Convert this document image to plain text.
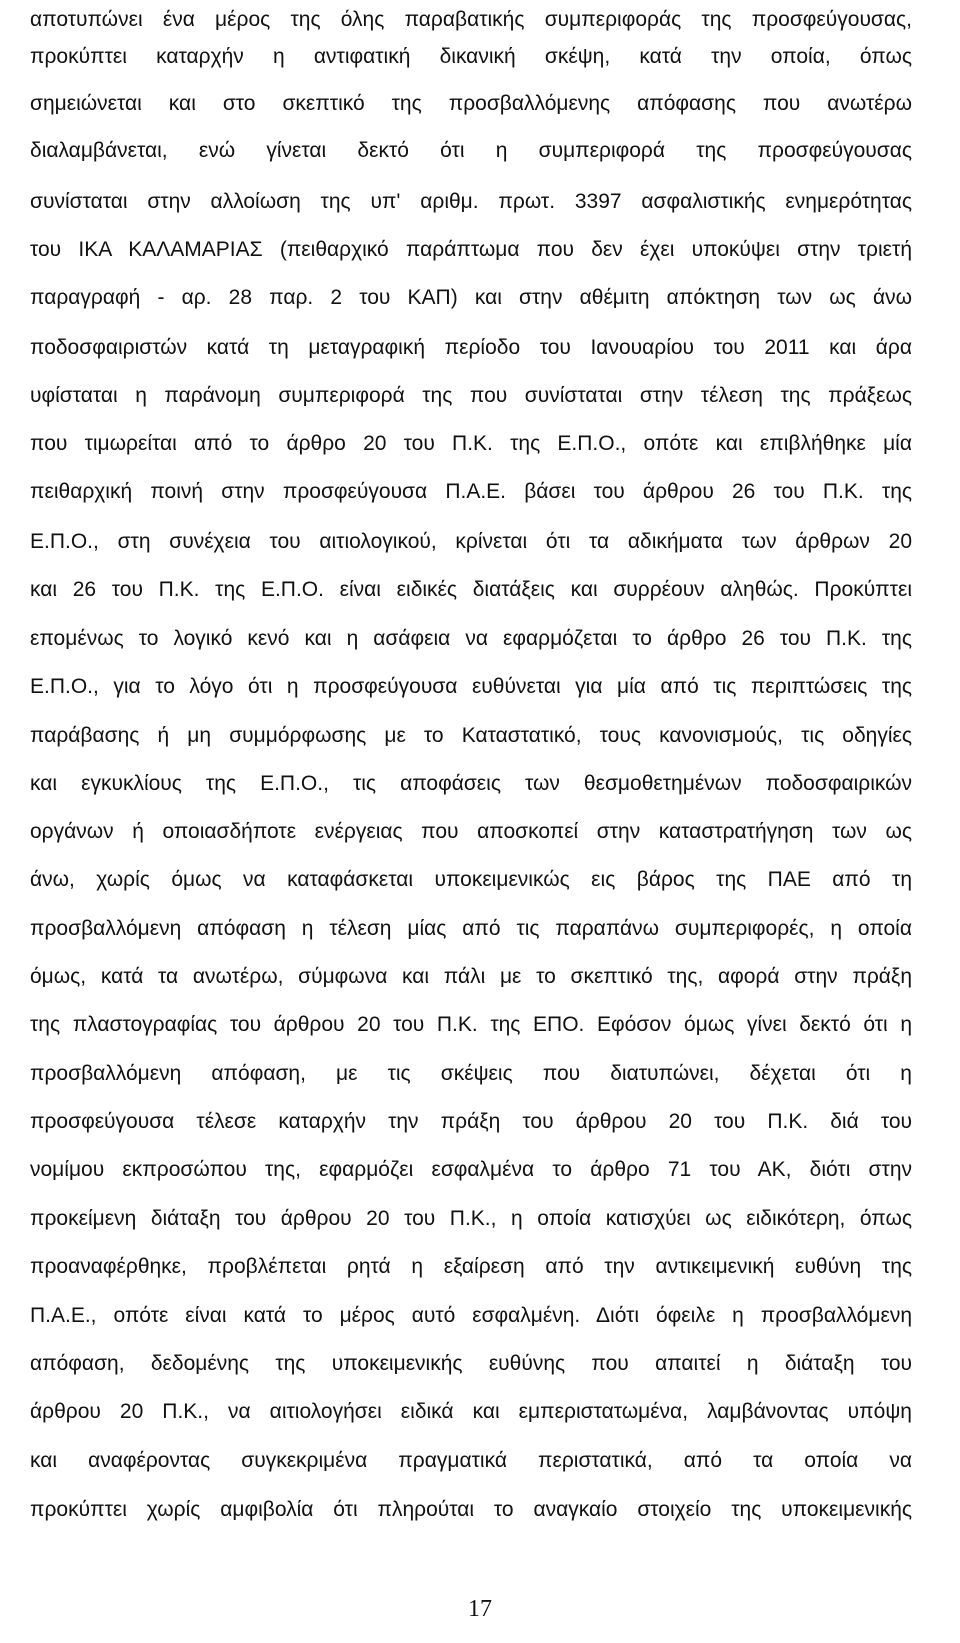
αποτυπώνει ένα μέρος της όλης παραβατικής συμπεριφοράς της προσφεύγουσας,
προκύπτει καταρχήν η αντιφατική δικανική σκέψη, κατά την οποία, όπως
σημειώνεται και στο σκεπτικό της προσβαλλόμενης απόφασης που ανωτέρω
διαλαμβάνεται, ενώ γίνεται δεκτό ότι η συμπεριφορά της προσφεύγουσας
συνίσταται στην αλλοίωση της υπ' αριθμ. πρωτ. 3397 ασφαλιστικής ενημερότητας
του ΙΚΑ ΚΑΛΑΜΑΡΙΑΣ (πειθαρχικό παράπτωμα που δεν έχει υποκύψει στην τριετή
παραγραφή - αρ. 28 παρ. 2 του ΚΑΠ) και στην αθέμιτη απόκτηση των ως άνω
ποδοσφαιριστών κατά τη μεταγραφική περίοδο του Ιανουαρίου του 2011 και άρα
υφίσταται η παράνομη συμπεριφορά της που συνίσταται στην τέλεση της πράξεως
που τιμωρείται από το άρθρο 20 του Π.Κ. της Ε.Π.Ο., οπότε και επιβλήθηκε μία
πειθαρχική ποινή στην προσφεύγουσα Π.Α.Ε. βάσει του άρθρου 26 του Π.Κ. της
Ε.Π.Ο., στη συνέχεια του αιτιολογικού, κρίνεται ότι τα αδικήματα των άρθρων 20
και 26 του Π.Κ. της Ε.Π.Ο. είναι ειδικές διατάξεις και συρρέουν αληθώς. Προκύπτει
επομένως το λογικό κενό και η ασάφεια να εφαρμόζεται το άρθρο 26 του Π.Κ. της
Ε.Π.Ο., για το λόγο ότι η προσφεύγουσα ευθύνεται για μία από τις περιπτώσεις της
παράβασης ή μη συμμόρφωσης με το Καταστατικό, τους κανονισμούς, τις οδηγίες
και εγκυκλίους της Ε.Π.Ο., τις αποφάσεις των θεσμοθετημένων ποδοσφαιρικών
οργάνων ή οποιασδήποτε ενέργειας που αποσκοπεί στην καταστρατήγηση των ως
άνω, χωρίς όμως να καταφάσκεται υποκειμενικώς εις βάρος της ΠΑΕ από τη
προσβαλλόμενη απόφαση η τέλεση μίας από τις παραπάνω συμπεριφορές, η οποία
όμως, κατά τα ανωτέρω, σύμφωνα και πάλι με το σκεπτικό της, αφορά στην πράξη
της πλαστογραφίας του άρθρου 20 του Π.Κ. της ΕΠΟ. Εφόσον όμως γίνει δεκτό ότι η
προσβαλλόμενη απόφαση, με τις σκέψεις που διατυπώνει, δέχεται ότι η
προσφεύγουσα τέλεσε καταρχήν την πράξη του άρθρου 20 του Π.Κ. διά του
νομίμου εκπροσώπου της, εφαρμόζει εσφαλμένα το άρθρο 71 του ΑΚ, διότι στην
προκείμενη διάταξη του άρθρου 20 του Π.Κ., η οποία κατισχύει ως ειδικότερη, όπως
προαναφέρθηκε, προβλέπεται ρητά η εξαίρεση από την αντικειμενική ευθύνη της
Π.Α.Ε., οπότε είναι κατά το μέρος αυτό εσφαλμένη. Διότι όφειλε η προσβαλλόμενη
απόφαση, δεδομένης της υποκειμενικής ευθύνης που απαιτεί η διάταξη του
άρθρου 20 Π.Κ., να αιτιολογήσει ειδικά και εμπεριστατωμένα, λαμβάνοντας υπόψη
και αναφέροντας συγκεκριμένα πραγματικά περιστατικά, από τα οποία να
προκύπτει χωρίς αμφιβολία ότι πληρούται το αναγκαίο στοιχείο της υποκειμενικής
17
